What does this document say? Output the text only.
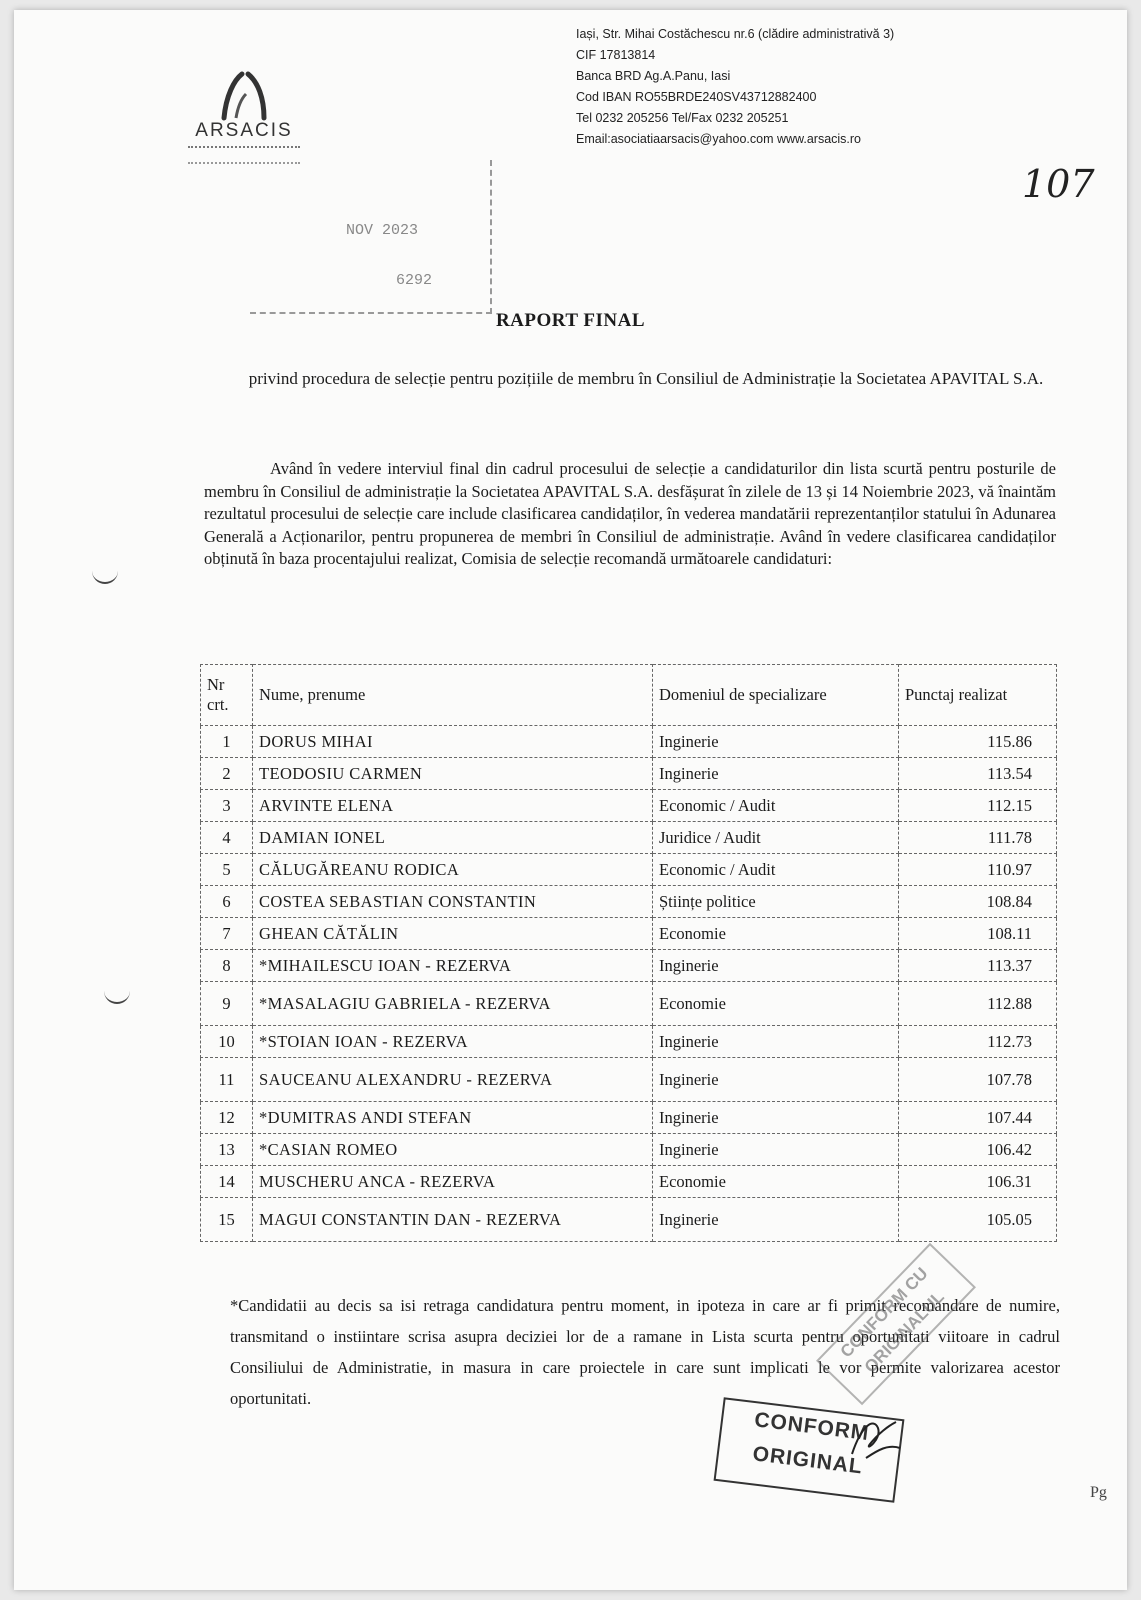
ARSACIS
Iași, Str. Mihai Costăchescu nr.6 (clădire administrativă 3)
CIF 17813814
Banca BRD Ag.A.Panu, Iasi
Cod IBAN RO55BRDE240SV43712882400
Tel 0232 205256 Tel/Fax 0232 205251
Email:asociatiaarsacis@yahoo.com www.arsacis.ro
107
NOV 2023
6292
RAPORT FINAL
privind procedura de selecție pentru pozițiile de membru în Consiliul de Administrație la Societatea APAVITAL S.A.
Având în vedere interviul final din cadrul procesului de selecție a candidaturilor din lista scurtă pentru posturile de membru în Consiliul de administrație la Societatea APAVITAL S.A. desfășurat în zilele de 13 și 14 Noiembrie 2023, vă înaintăm rezultatul procesului de selecție care include clasificarea candidaților, în vederea mandatării reprezentanților statului în Adunarea Generală a Acționarilor, pentru propunerea de membri în Consiliul de administrație. Având în vedere clasificarea candidaților obținută în baza procentajului realizat, Comisia de selecție recomandă următoarele candidaturi:
Nr crt.	Nume, prenume	Domeniul de specializare	Punctaj realizat
1	DORUS MIHAI	Inginerie	115.86
2	TEODOSIU CARMEN	Inginerie	113.54
3	ARVINTE ELENA	Economic / Audit	112.15
4	DAMIAN IONEL	Juridice / Audit	111.78
5	CĂLUGĂREANU RODICA	Economic / Audit	110.97
6	COSTEA SEBASTIAN CONSTANTIN	Științe politice	108.84
7	GHEAN CĂTĂLIN	Economie	108.11
8	*MIHAILESCU IOAN - REZERVA	Inginerie	113.37
9	*MASALAGIU GABRIELA - REZERVA	Economie	112.88
10	*STOIAN IOAN - REZERVA	Inginerie	112.73
11	SAUCEANU ALEXANDRU - REZERVA	Inginerie	107.78
12	*DUMITRAS ANDI STEFAN	Inginerie	107.44
13	*CASIAN ROMEO	Inginerie	106.42
14	MUSCHERU ANCA - REZERVA	Economie	106.31
15	MAGUI CONSTANTIN DAN - REZERVA	Inginerie	105.05
*Candidatii au decis sa isi retraga candidatura pentru moment, in ipoteza in care ar fi primit recomandare de numire, transmitand o instiintare scrisa asupra deciziei lor de a ramane in Lista scurta pentru oportunitati viitoare in cadrul Consiliului de Administratie, in masura in care proiectele in care sunt implicati le vor permite valorizarea acestor oportunitati.
CONFORM CU ORIGINALUL
CONFORM
ORIGINAL
Pg
